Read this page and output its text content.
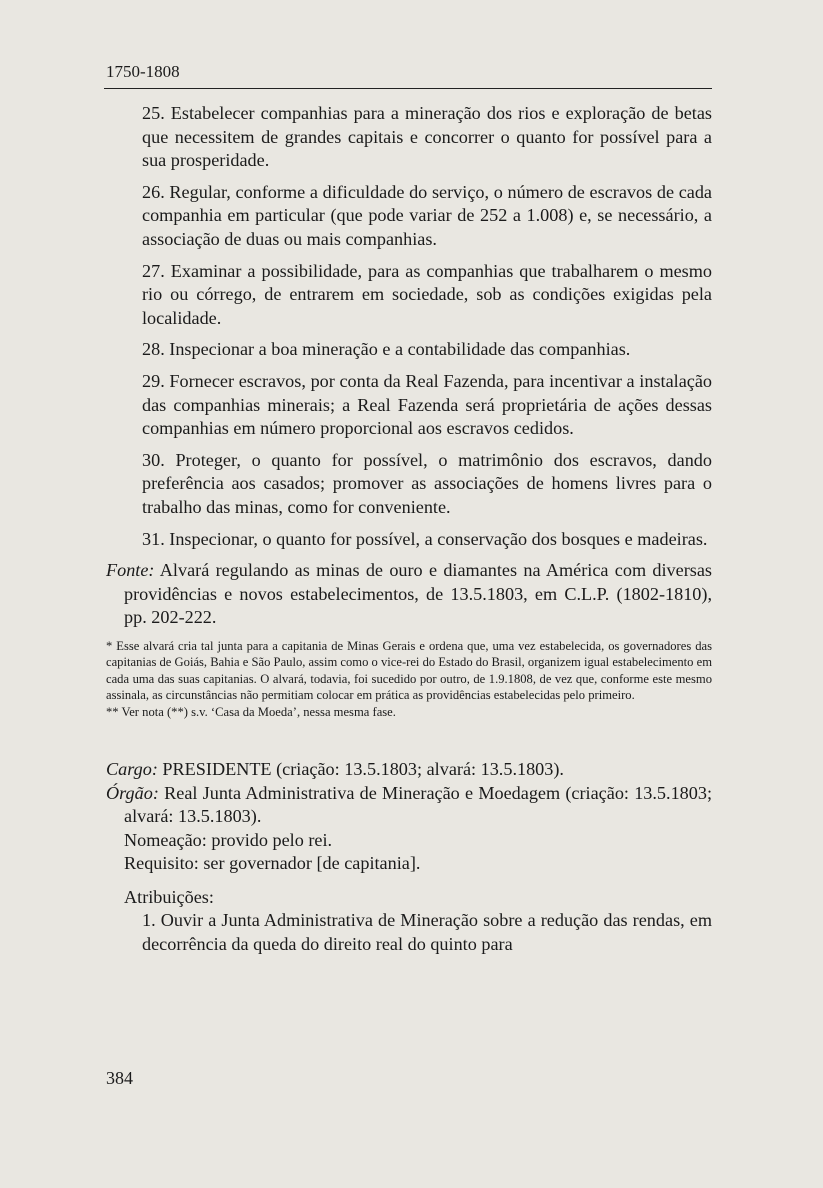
1750-1808

25. Estabelecer companhias para a mineração dos rios e exploração de betas que necessitem de grandes capitais e concorrer o quanto for possível para a sua prosperidade.

26. Regular, conforme a dificuldade do serviço, o número de escravos de cada companhia em particular (que pode variar de 252 a 1.008) e, se necessário, a associação de duas ou mais companhias.

27. Examinar a possibilidade, para as companhias que trabalharem o mesmo rio ou córrego, de entrarem em sociedade, sob as condições exigidas pela localidade.

28. Inspecionar a boa mineração e a contabilidade das companhias.

29. Fornecer escravos, por conta da Real Fazenda, para incentivar a instalação das companhias minerais; a Real Fazenda será proprietária de ações dessas companhias em número proporcional aos escravos cedidos.

30. Proteger, o quanto for possível, o matrimônio dos escravos, dando preferência aos casados; promover as associações de homens livres para o trabalho das minas, como for conveniente.

31. Inspecionar, o quanto for possível, a conservação dos bosques e madeiras.

Fonte: Alvará regulando as minas de ouro e diamantes na América com diversas providências e novos estabelecimentos, de 13.5.1803, em C.L.P. (1802-1810), pp. 202-222.

* Esse alvará cria tal junta para a capitania de Minas Gerais e ordena que, uma vez estabelecida, os governadores das capitanias de Goiás, Bahia e São Paulo, assim como o vice-rei do Estado do Brasil, organizem igual estabelecimento em cada uma das suas capitanias. O alvará, todavia, foi sucedido por outro, de 1.9.1808, de vez que, conforme este mesmo assinala, as circunstâncias não permitiam colocar em prática as providências estabelecidas pelo primeiro.

** Ver nota (**) s.v. ‘Casa da Moeda’, nessa mesma fase.

Cargo: PRESIDENTE (criação: 13.5.1803; alvará: 13.5.1803).

Órgão: Real Junta Administrativa de Mineração e Moedagem (criação: 13.5.1803; alvará: 13.5.1803).

Nomeação: provido pelo rei.

Requisito: ser governador [de capitania].

Atribuições:

1. Ouvir a Junta Administrativa de Mineração sobre a redução das rendas, em decorrência da queda do direito real do quinto para

384
